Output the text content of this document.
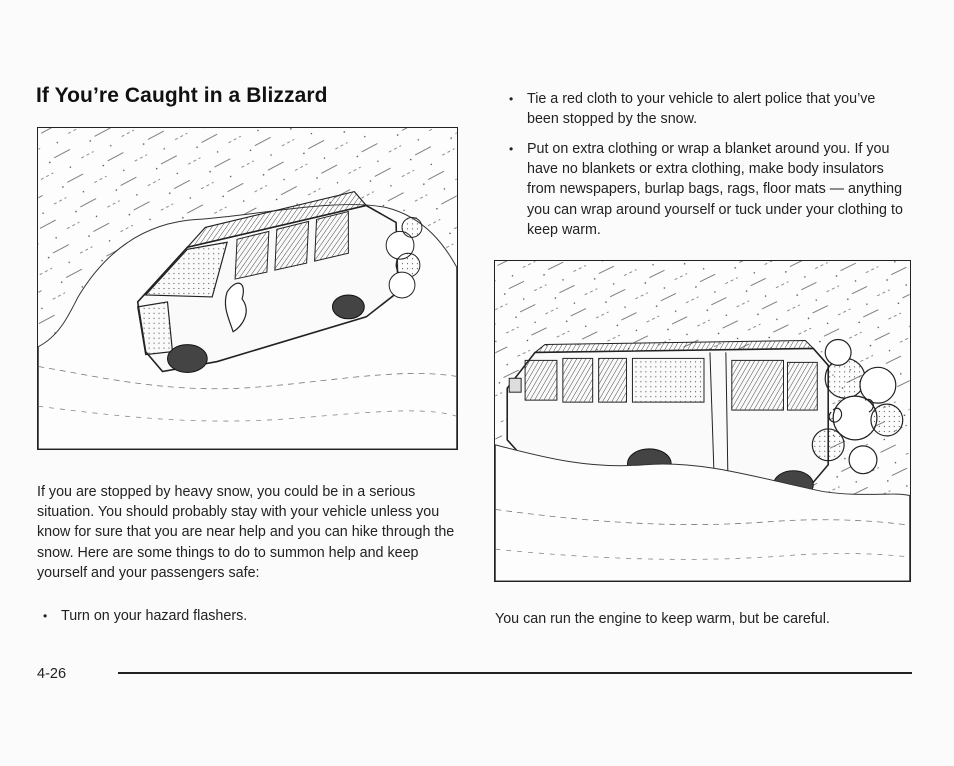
If You’re Caught in a Blizzard
If you are stopped by heavy snow, you could be in a serious situation. You should probably stay with your vehicle unless you know for sure that you are near help and you can hike through the snow. Here are some things to do to summon help and keep yourself and your passengers safe:
• Turn on your hazard flashers.
• Tie a red cloth to your vehicle to alert police that you’ve been stopped by the snow.
• Put on extra clothing or wrap a blanket around you. If you have no blankets or extra clothing, make body insulators from newspapers, burlap bags, rags, floor mats — anything you can wrap around yourself or tuck under your clothing to keep warm.
You can run the engine to keep warm, but be careful.
4-26
